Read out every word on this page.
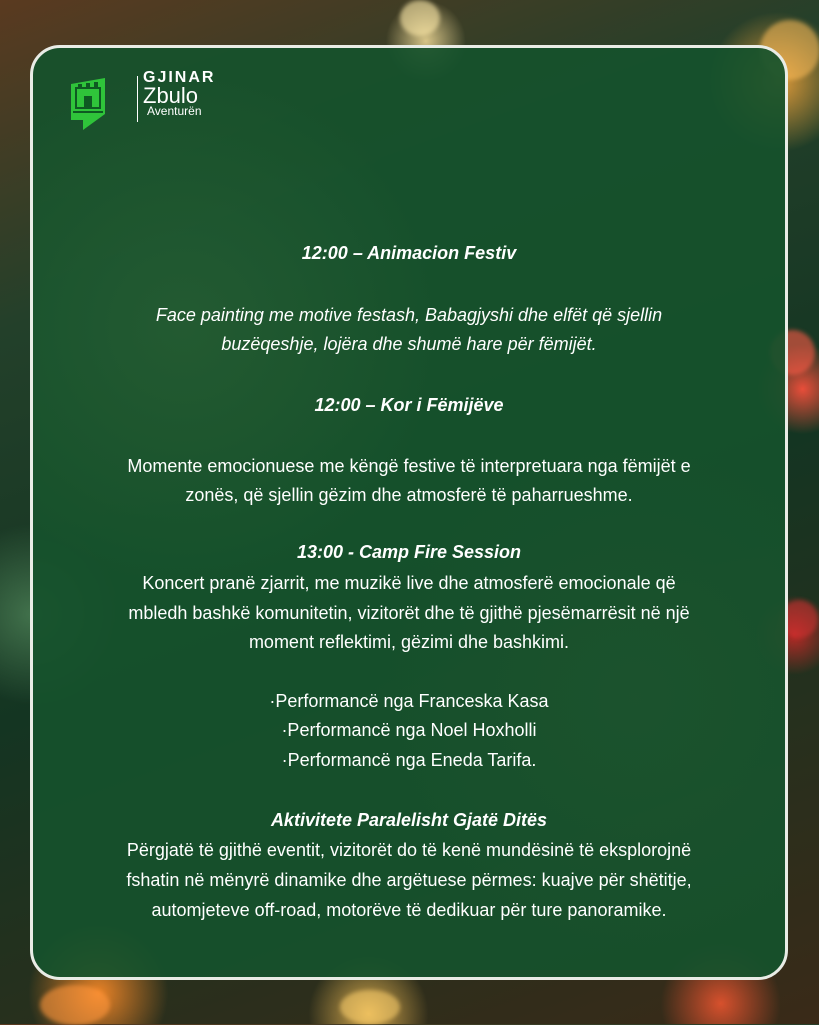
GJINAR
Zbulo
Aventurën
12:00 – Animacion Festiv
Face painting me motive festash, Babagjyshi dhe elfët që sjellin
buzëqeshje, lojëra dhe shumë hare për fëmijët.
12:00 – Kor i Fëmijëve
Momente emocionuese me këngë festive të interpretuara nga fëmijët e
zonës, që sjellin gëzim dhe atmosferë të paharrueshme.
13:00 - Camp Fire Session
Koncert pranë zjarrit, me muzikë live dhe atmosferë emocionale që
mbledh bashkë komunitetin, vizitorët dhe të gjithë pjesëmarrësit në një
moment reflektimi, gëzimi dhe bashkimi.
·Performancë nga Franceska Kasa
·Performancë nga Noel Hoxholli
·Performancë nga Eneda Tarifa.
Aktivitete Paralelisht Gjatë Ditës
Përgjatë të gjithë eventit, vizitorët do të kenë mundësinë të eksplorojnë
fshatin në mënyrë dinamike dhe argëtuese përmes: kuajve për shëtitje,
automjeteve off-road, motorëve të dedikuar për ture panoramike.
